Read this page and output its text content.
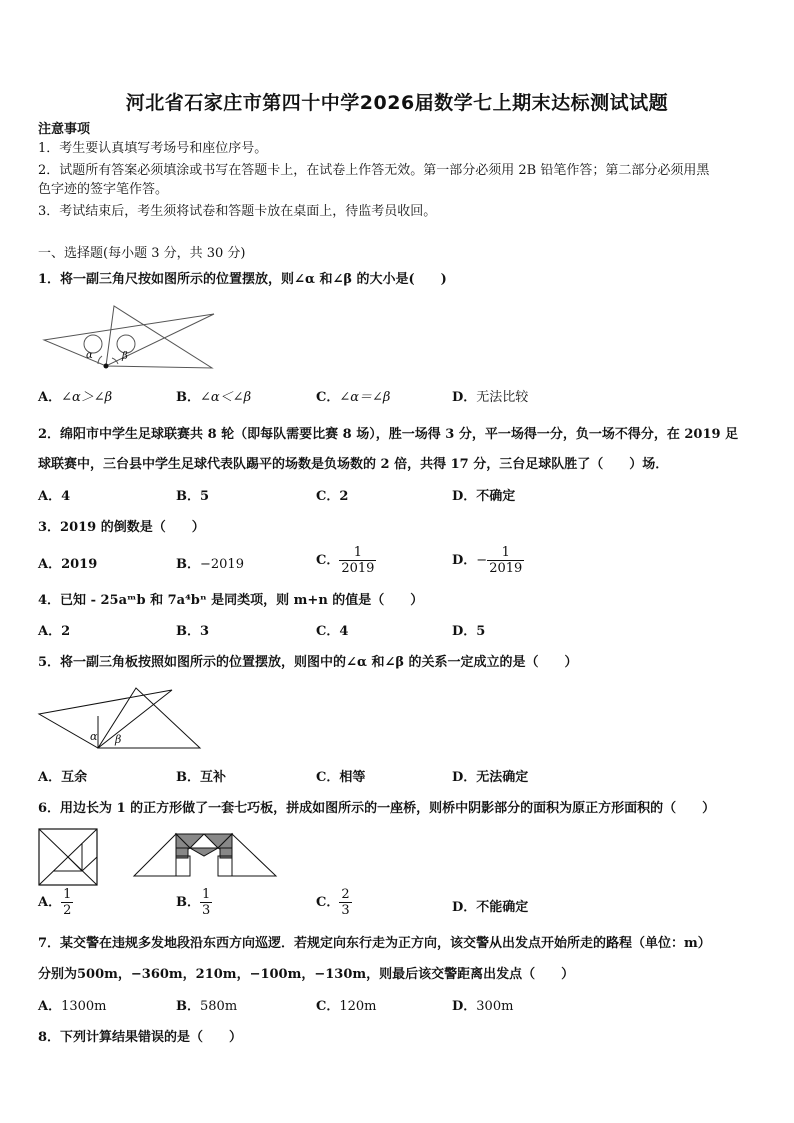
河北省石家庄市第四十中学2026届数学七上期末达标测试试题
注意事项
1．考生要认真填写考场号和座位序号。
2．试题所有答案必须填涂或书写在答题卡上，在试卷上作答无效。第一部分必须用 2B 铅笔作答；第二部分必须用黑
色字迹的签字笔作答。
3．考试结束后，考生须将试卷和答题卡放在桌面上，待监考员收回。
一、选择题(每小题 3 分，共 30 分)
1．将一副三角尺按如图所示的位置摆放，则∠α 和∠β 的大小是(　　)
α	β
A．∠α＞∠β	B．∠α＜∠β	C．∠α＝∠β	D．无法比较
2．绵阳市中学生足球联赛共 8 轮（即每队需要比赛 8 场），胜一场得 3 分，平一场得一分，负一场不得分，在 2019 足
球联赛中，三台县中学生足球代表队踢平的场数是负场数的 2 倍，共得 17 分，三台足球队胜了（　　）场．
A．4	B．5	C．2	D．不确定
3．2019 的倒数是（　　）
A．2019	B．−2019	C． $\frac{1}{2019}$	D．− $\frac{1}{2019}$
4．已知 - 25aᵐb 和 7a⁴bⁿ 是同类项，则 m+n 的值是（　　）
A．2	B．3	C．4	D．5
5．将一副三角板按照如图所示的位置摆放，则图中的∠α 和∠β 的关系一定成立的是（　　）
α β
A．互余	B．互补	C．相等	D．无法确定
6．用边长为 1 的正方形做了一套七巧板，拼成如图所示的一座桥，则桥中阴影部分的面积为原正方形面积的（　　）
A． $\frac{1}{2}$	B． $\frac{1}{3}$	C． $\frac{2}{3}$	D．不能确定
7．某交警在违规多发地段沿东西方向巡逻．若规定向东行走为正方向，该交警从出发点开始所走的路程（单位：m）
分别为500m，−360m，210m，−100m，−130m，则最后该交警距离出发点（　　）
A．1300m	B．580m	C．120m	D．300m
8．下列计算结果错误的是（　　）
